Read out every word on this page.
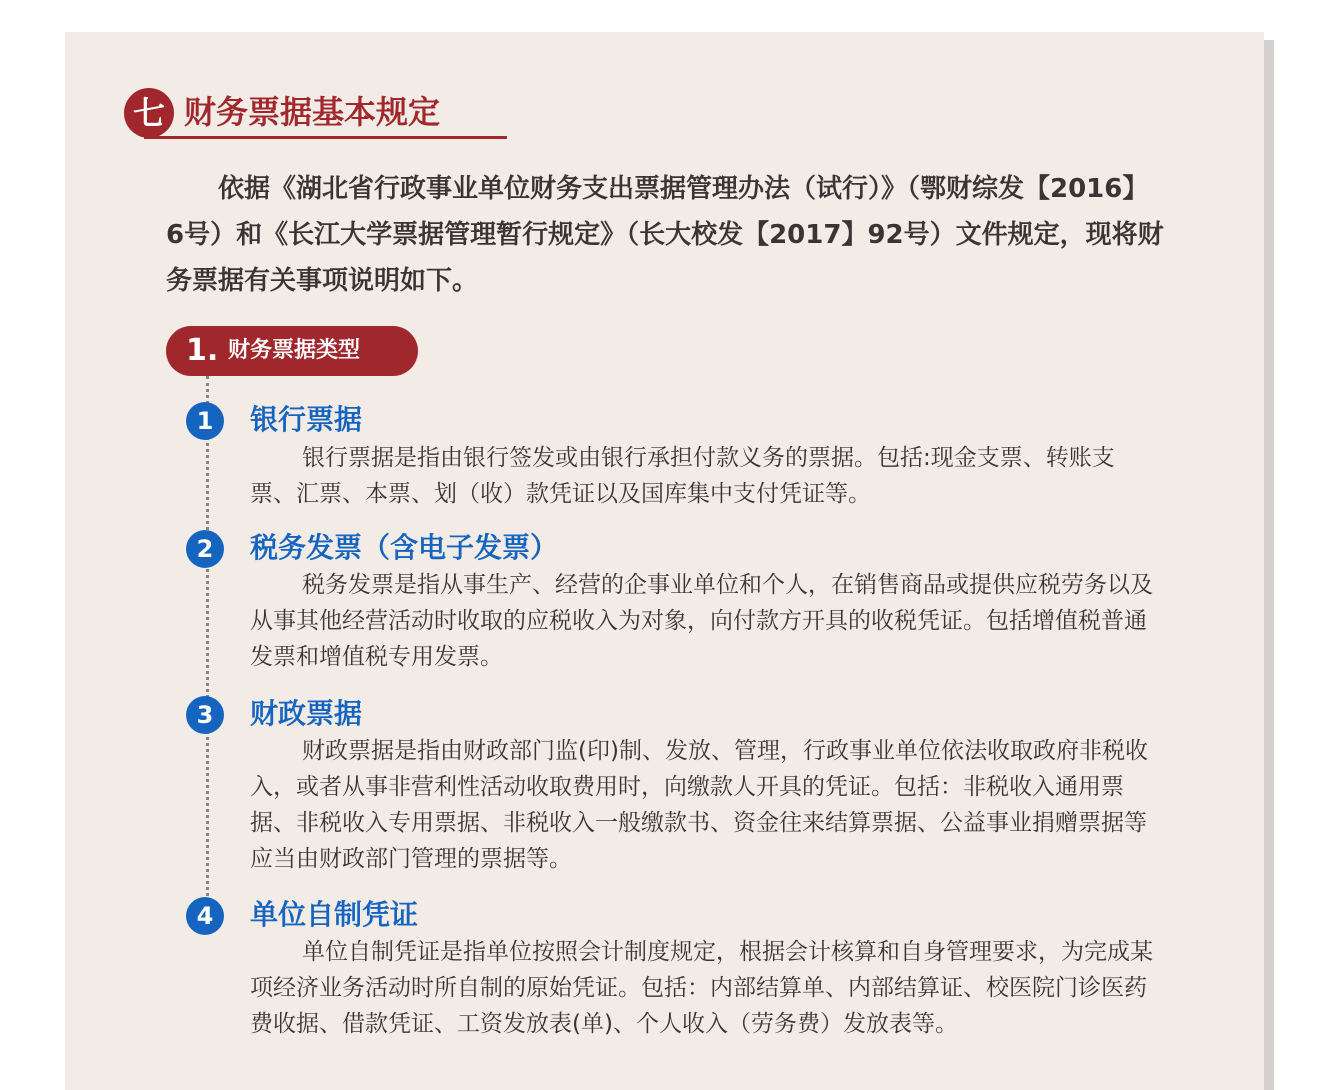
七 财务票据基本规定

依据《湖北省行政事业单位财务支出票据管理办法（试行）》（鄂财综发【2016】6号）和《长江大学票据管理暂行规定》（长大校发【2017】92号）文件规定，现将财务票据有关事项说明如下。

1. 财务票据类型
1	银行票据

银行票据是指由银行签发或由银行承担付款义务的票据。包括:现金支票、转账支票、汇票、本票、划（收）款凭证以及国库集中支付凭证等。

2	税务发票（含电子发票）

税务发票是指从事生产、经营的企事业单位和个人，在销售商品或提供应税劳务以及从事其他经营活动时收取的应税收入为对象，向付款方开具的收税凭证。包括增值税普通发票和增值税专用发票。

3	财政票据

财政票据是指由财政部门监(印)制、发放、管理，行政事业单位依法收取政府非税收入，或者从事非营利性活动收取费用时，向缴款人开具的凭证。包括：非税收入通用票据、非税收入专用票据、非税收入一般缴款书、资金往来结算票据、公益事业捐赠票据等应当由财政部门管理的票据等。

4	单位自制凭证

单位自制凭证是指单位按照会计制度规定，根据会计核算和自身管理要求，为完成某项经济业务活动时所自制的原始凭证。包括：内部结算单、内部结算证、校医院门诊医药费收据、借款凭证、工资发放表(单)、个人收入（劳务费）发放表等。
